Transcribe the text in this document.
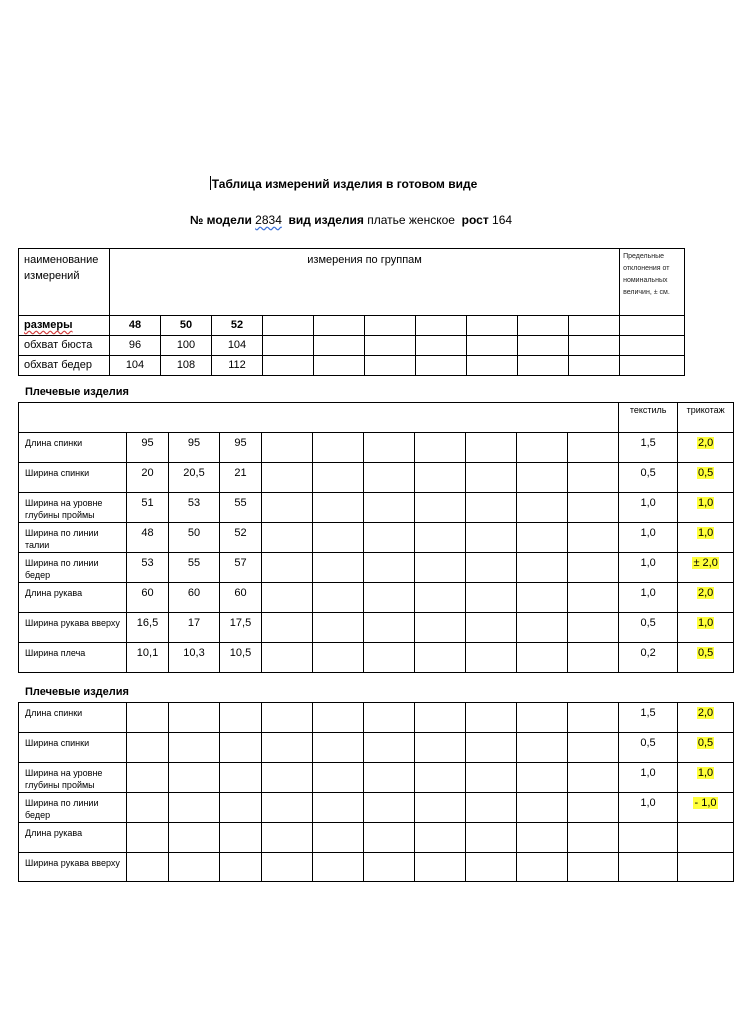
Таблица измерений изделия в готовом виде
№ модели 2834 вид изделия платье женское рост 164
наименование измерений	измерения по группам										Предельные отклонения от номинальных величин, ± см.
размеры	48	50	52								
обхват бюста	96	100	104								
обхват бедер	104	108	112								
Плечевые изделия
											текстиль	трикотаж
Длина спинки	95	95	95								1,5	2,0
Ширина спинки	20	20,5	21								0,5	0,5
Ширина на уровне глубины проймы	51	53	55								1,0	1,0
Ширина по линии талии	48	50	52								1,0	1,0
Ширина по линии бедер	53	55	57								1,0	± 2,0
Длина рукава	60	60	60								1,0	2,0
Ширина рукава вверху	16,5	17	17,5								0,5	1,0
Ширина плеча	10,1	10,3	10,5								0,2	0,5
Плечевые изделия
Длина спинки											1,5	2,0
Ширина спинки											0,5	0,5
Ширина на уровне глубины проймы											1,0	1,0
Ширина по линии бедер											1,0	- 1,0
Длина рукава												
Ширина рукава вверху												
